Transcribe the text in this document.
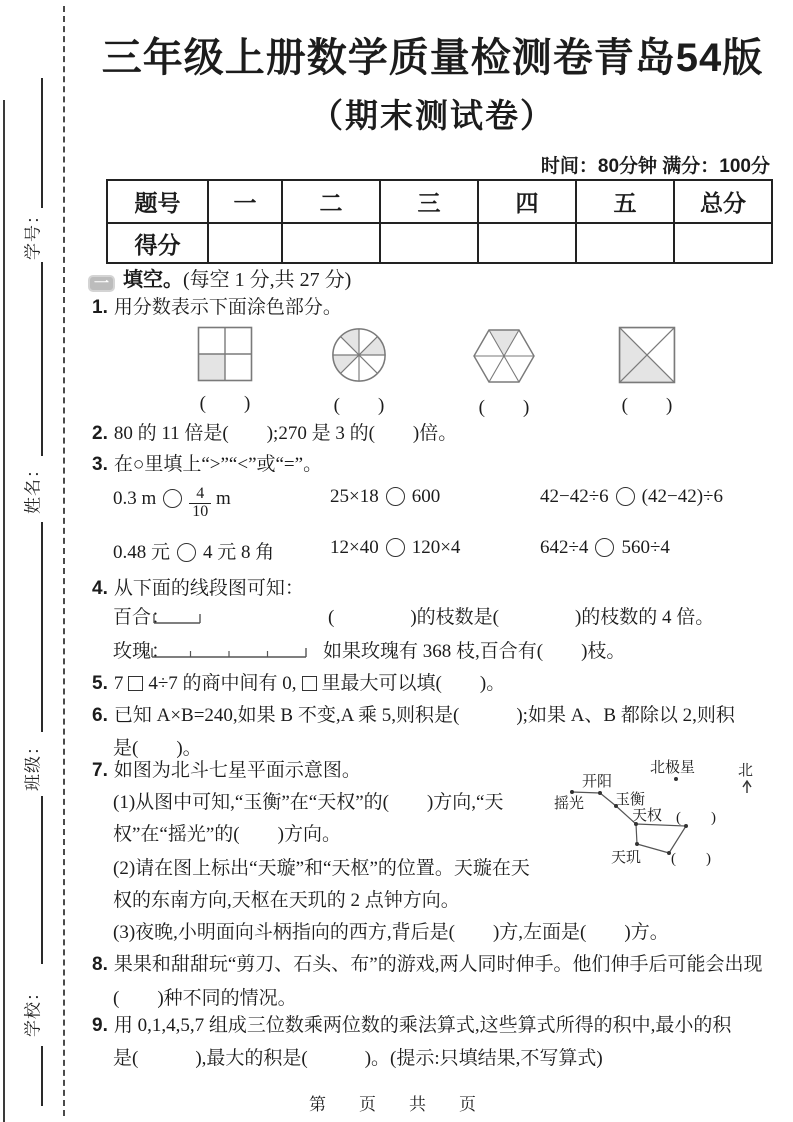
学号：
姓名：
班级：
学校：
三年级上册数学质量检测卷青岛54版
（期末测试卷）
时间：80分钟 满分：100分
题号	一	二	三	四	五	总分
得分						
一 填空。(每空 1 分,共 27 分)
1. 用分数表示下面涂色部分。
(　　)	(　　)	(　　)	(　　)
2. 80 的 11 倍是(　　);270 是 3 的(　　)倍。
3. 在○里填上“>”“<”或“=”。
0.3 m $\frac{4}{10}$ m	25×18 600	42−42÷6 (42−42)÷6
0.48 元 4 元 8 角	12×40 120×4	642÷4 560÷4
4. 从下面的线段图可知：
百合：	(　　　　)的枝数是(　　　　)的枝数的 4 倍。
玫瑰：	如果玫瑰有 368 枝,百合有(　　)枝。
5. 7 4÷7 的商中间有 0, 里最大可以填(　　)。
6. 已知 A×B=240,如果 B 不变,A 乘 5,则积是(　　　);如果 A、B 都除以 2,则积
是(　　)。
7. 如图为北斗七星平面示意图。
(1)从图中可知,“玉衡”在“天权”的(　　)方向,“天
权”在“摇光”的(　　)方向。
(2)请在图上标出“天璇”和“天枢”的位置。天璇在天
权的东南方向,天枢在天玑的 2 点钟方向。
(3)夜晚,小明面向斗柄指向的西方,背后是(　　)方,左面是(　　)方。
北极星	北
开阳
摇光 玉衡
天权
天玑
(　　)
(　　)
8. 果果和甜甜玩“剪刀、石头、布”的游戏,两人同时伸手。他们伸手后可能会出现
(　　)种不同的情况。
9. 用 0,1,4,5,7 组成三位数乘两位数的乘法算式,这些算式所得的积中,最小的积
是(　　　),最大的积是(　　　)。(提示:只填结果,不写算式)
第　页　共　页
